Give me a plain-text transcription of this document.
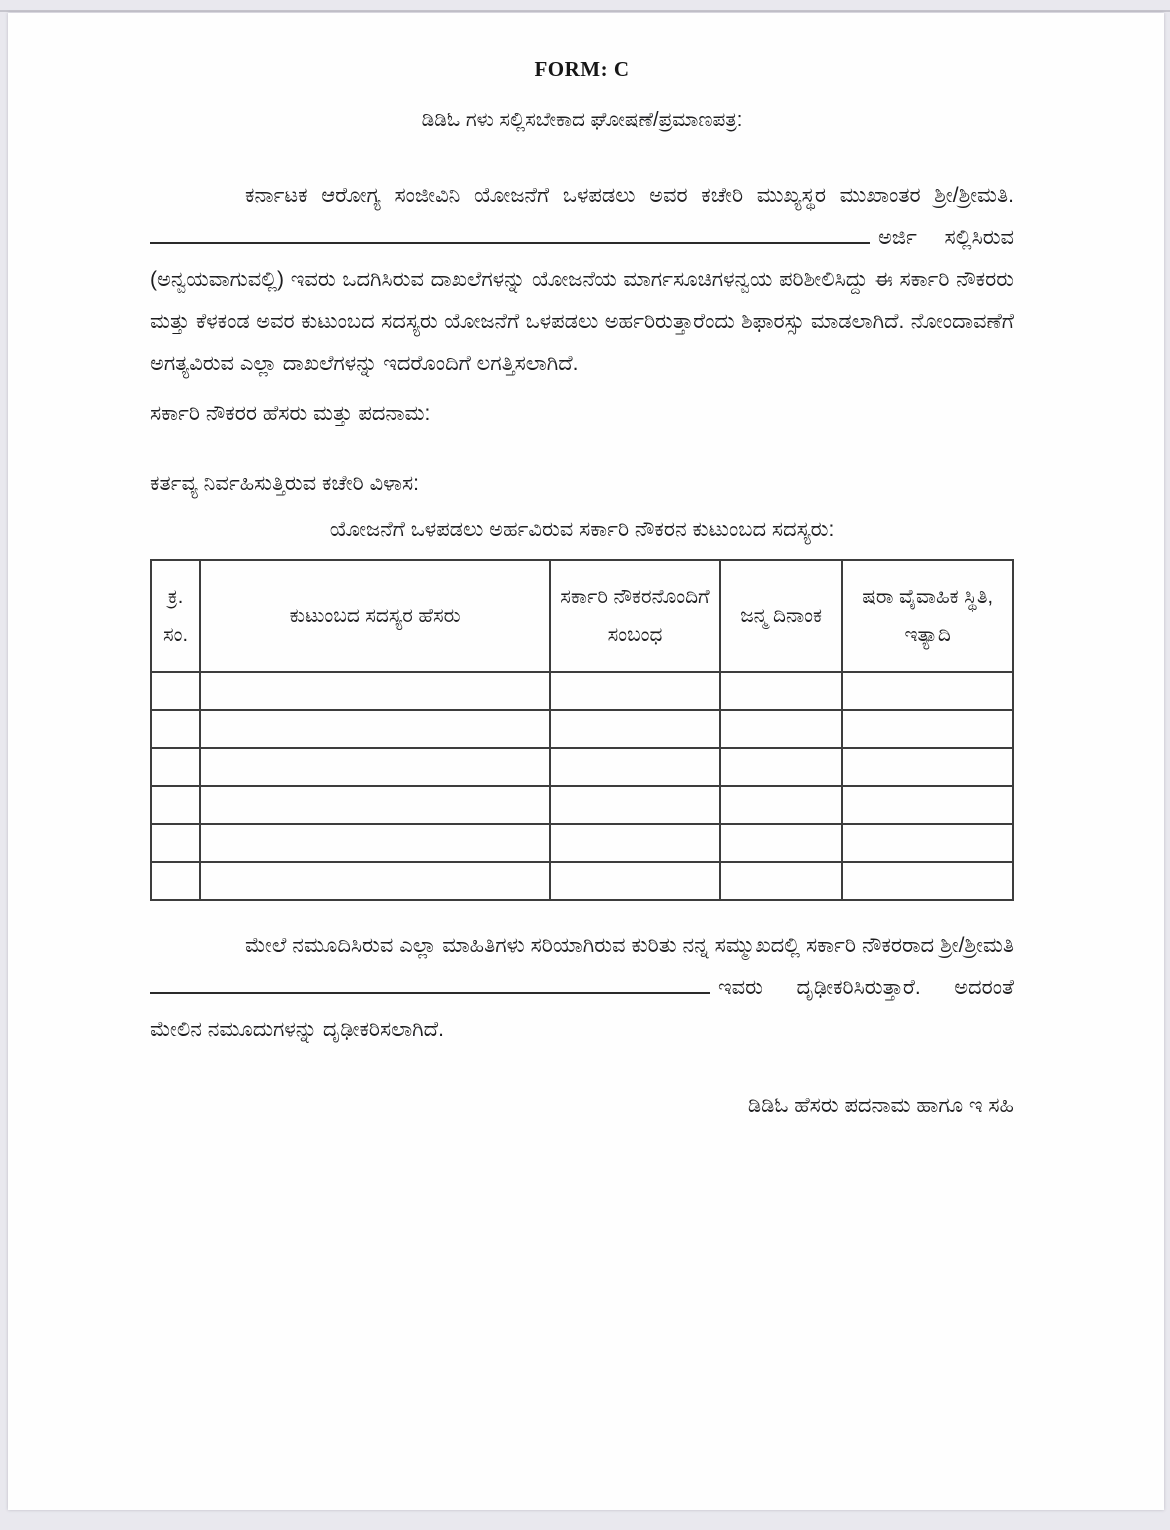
FORM: C
ಡಿಡಿಓ ಗಳು ಸಲ್ಲಿಸಬೇಕಾದ ಘೋಷಣೆ/ಪ್ರಮಾಣಪತ್ರ:

ಕರ್ನಾಟಕ ಆರೋಗ್ಯ ಸಂಜೀವಿನಿ ಯೋಜನೆಗೆ ಒಳಪಡಲು ಅವರ ಕಚೇರಿ ಮುಖ್ಯಸ್ಥರ ಮುಖಾಂತರ ಶ್ರೀ/ಶ್ರೀಮತಿ.ಅರ್ಜಿ ಸಲ್ಲಿಸಿರುವ (ಅನ್ವಯವಾಗುವಲ್ಲಿ) ಇವರು ಒದಗಿಸಿರುವ ದಾಖಲೆಗಳನ್ನು ಯೋಜನೆಯ ಮಾರ್ಗಸೂಚಿಗಳನ್ವಯ ಪರಿಶೀಲಿಸಿದ್ದು ಈ ಸರ್ಕಾರಿ ನೌಕರರು ಮತ್ತು ಕೆಳಕಂಡ ಅವರ ಕುಟುಂಬದ ಸದಸ್ಯರು ಯೋಜನೆಗೆ ಒಳಪಡಲು ಅರ್ಹರಿರುತ್ತಾರೆಂದು ಶಿಫಾರಸ್ಸು ಮಾಡಲಾಗಿದೆ. ನೋಂದಾವಣೆಗೆ ಅಗತ್ಯವಿರುವ ಎಲ್ಲಾ ದಾಖಲೆಗಳನ್ನು ಇದರೊಂದಿಗೆ ಲಗತ್ತಿಸಲಾಗಿದೆ.

ಸರ್ಕಾರಿ ನೌಕರರ ಹೆಸರು ಮತ್ತು ಪದನಾಮ:

ಕರ್ತವ್ಯ ನಿರ್ವಹಿಸುತ್ತಿರುವ ಕಚೇರಿ ವಿಳಾಸ:

ಯೋಜನೆಗೆ ಒಳಪಡಲು ಅರ್ಹವಿರುವ ಸರ್ಕಾರಿ ನೌಕರನ ಕುಟುಂಬದ ಸದಸ್ಯರು:

ಕ್ರ. ಸಂ.	ಕುಟುಂಬದ ಸದಸ್ಯರ ಹೆಸರು	ಸರ್ಕಾರಿ ನೌಕರನೊಂದಿಗೆ ಸಂಬಂಧ	ಜನ್ಮ ದಿನಾಂಕ	ಷರಾ ವೈವಾಹಿಕ ಸ್ಥಿತಿ, ಇತ್ಯಾದಿ

ಮೇಲೆ ನಮೂದಿಸಿರುವ ಎಲ್ಲಾ ಮಾಹಿತಿಗಳು ಸರಿಯಾಗಿರುವ ಕುರಿತು ನನ್ನ ಸಮ್ಮುಖದಲ್ಲಿ ಸರ್ಕಾರಿ ನೌಕರರಾದ ಶ್ರೀ/ಶ್ರೀಮತಿಇವರು ದೃಢೀಕರಿಸಿರುತ್ತಾರೆ. ಅದರಂತೆ ಮೇಲಿನ ನಮೂದುಗಳನ್ನು ದೃಢೀಕರಿಸಲಾಗಿದೆ.

ಡಿಡಿಓ ಹೆಸರು ಪದನಾಮ ಹಾಗೂ ಇ ಸಹಿ
